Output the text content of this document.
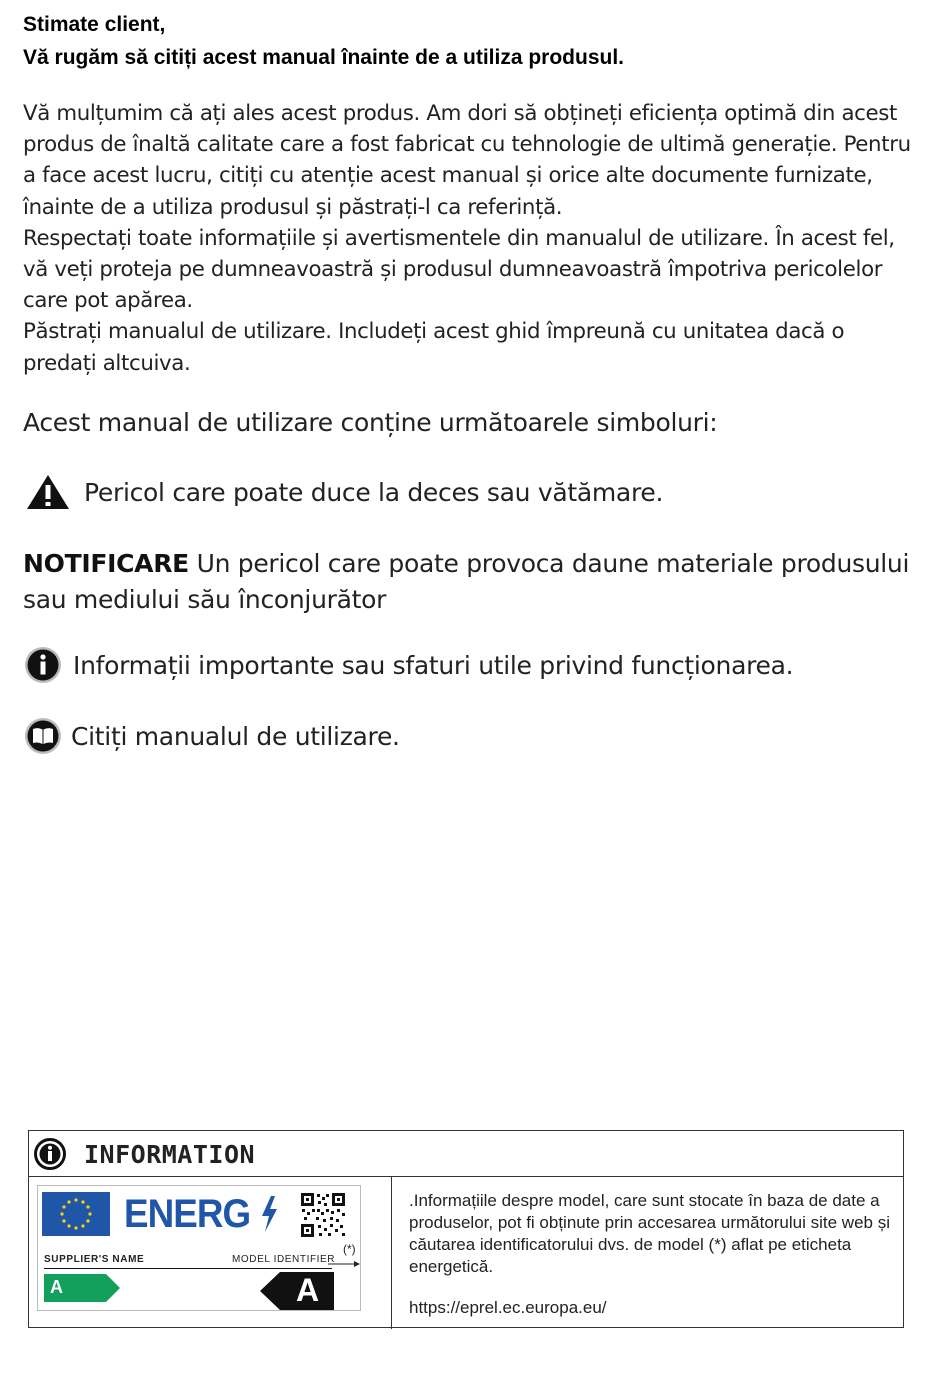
Stimate client,
Vă rugăm să citiți acest manual înainte de a utiliza produsul.

Vă mulțumim că ați ales acest produs. Am dori să obțineți eficiența optimă din acest produs de înaltă calitate care a fost fabricat cu tehnologie de ultimă generație. Pentru a face acest lucru, citiți cu atenție acest manual și orice alte documente furnizate, înainte de a utiliza produsul și păstrați-l ca referință.

Respectați toate informațiile și avertismentele din manualul de utilizare. În acest fel, vă veți proteja pe dumneavoastră și produsul dumneavoastră împotriva pericolelor care pot apărea.

Păstrați manualul de utilizare. Includeți acest ghid împreună cu unitatea dacă o predați altcuiva.

Acest manual de utilizare conține următoarele simboluri:
Pericol care poate duce la deces sau vătămare.
NOTIFICARE Un pericol care poate provoca daune materiale produsului sau mediului său înconjurător
Informații importante sau sfaturi utile privind funcționarea.
Citiți manualul de utilizare.
INFORMATION
ENERG
SUPPLIER'S NAME	MODEL IDENTIFIER
A	A
(*)
.Informațiile despre model, care sunt stocate în baza de date a produselor, pot fi obținute prin accesarea următorului site web și căutarea identificatorului dvs. de model (*) aflat pe eticheta energetică.
https://eprel.ec.europa.eu/
